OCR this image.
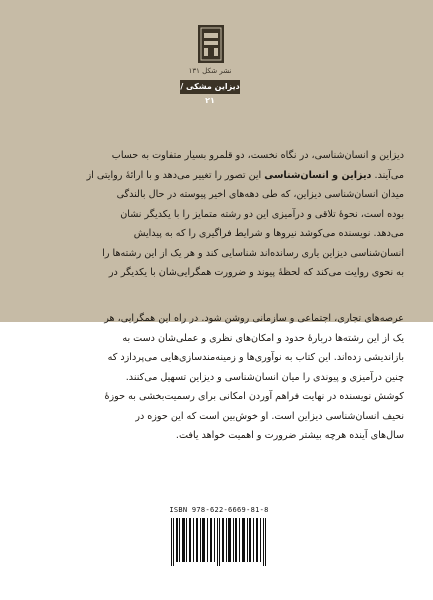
نشر شکل ۱۳۱
دیزاین مشکی / ۲۱

دیزاین و انسان‌شناسی، در نگاه نخست، دو قلمرو بسیار متفاوت به حساب

می‌آیند. دیزاین ‌و ‌انسان‌شناسی این تصور را تغییر می‌دهد و با ارائهٔ روایتی از

میدان انسان‌شناسی دیزاین، که طی دهه‌های اخیر پیوسته در حال بالندگی

بوده است، نحوهٔ تلاقی و درآمیزی این دو رشته متمایز را با یکدیگر نشان

می‌دهد. نویسنده می‌کوشد نیروها و شرایط فراگیری را که به پیدایش

انسان‌شناسی دیزاین یاری رسانده‌اند شناسایی کند و هر یک از این رشته‌ها را

به نحوی روایت می‌کند که لحظهٔ پیوند و ضرورت همگرایی‌شان با یکدیگر در

عرصه‌های تجاری، اجتماعی و سازمانی روشن شود. در راه این همگرایی، هر

یک از این رشته‌ها دربارهٔ حدود و امکان‌های نظری و عملی‌شان دست به

بازاندیشی زده‌اند. این کتاب به نوآوری‌ها و زمینه‌مندسازی‌هایی می‌پردازد که

چنین درآمیزی و پیوندی را میان انسان‌شناسی و دیزاین تسهیل می‌کنند.

کوشش نویسنده در نهایت فراهم آوردن امکانی برای رسمیت‌بخشی به حوزهٔ

نحیف انسان‌شناسی دیزاین است. او خوش‌بین است که این حوزه در

سال‌های آینده هرچه بیشتر ضرورت و اهمیت خواهد یافت.

ISBN 978-622-6669-81-8
